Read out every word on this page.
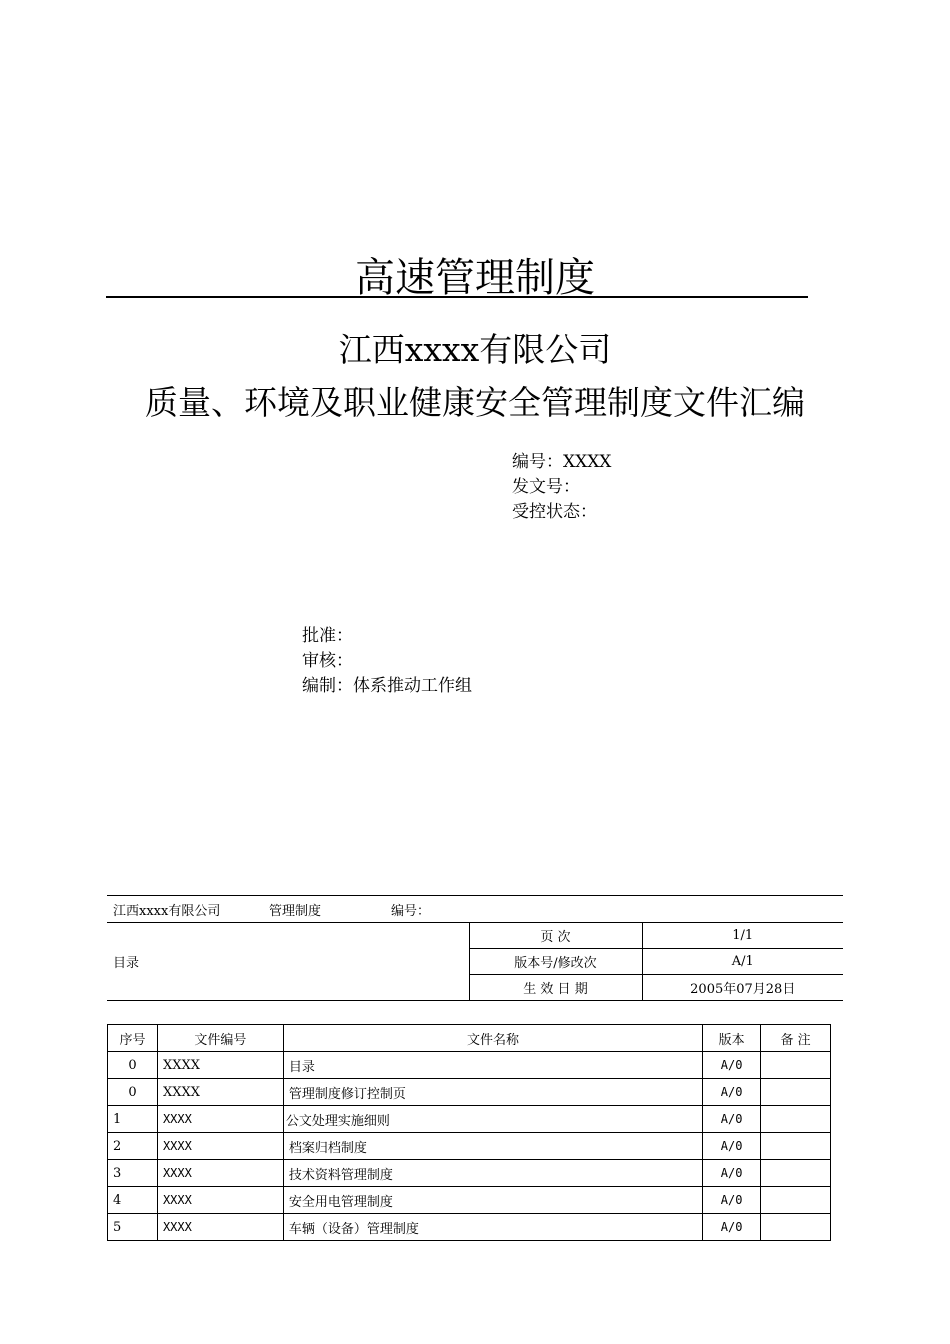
高速管理制度
江西xxxx有限公司
质量、环境及职业健康安全管理制度文件汇编
编号：XXXX
发文号：
受控状态：
批准：
审核：
编制：体系推动工作组
江西xxxx有限公司 管理制度 编号：		
目录	页 次	1/1
	版本号/修改次	A/1
	生 效 日 期	2005年07月28日
序号	文件编号	文件名称	版本	备 注
0	XXXX	目录	A/0	
0	XXXX	管理制度修订控制页	A/0	
1	XXXX	公文处理实施细则	A/0	
2	XXXX	档案归档制度	A/0	
3	XXXX	技术资料管理制度	A/0	
4	XXXX	安全用电管理制度	A/0	
5	XXXX	车辆（设备）管理制度	A/0	
